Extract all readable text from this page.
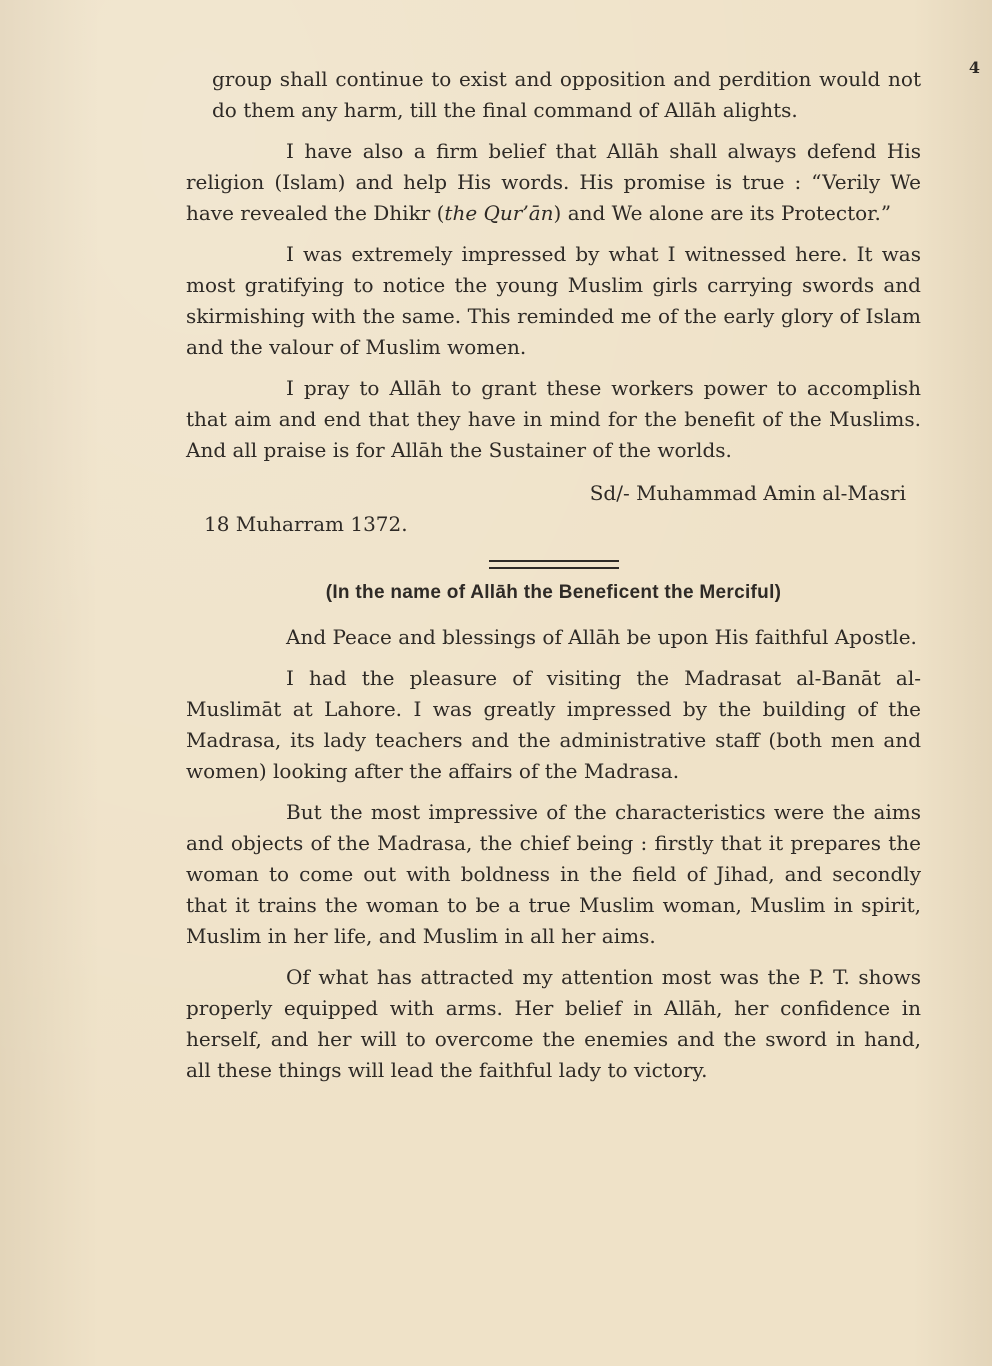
4

group shall continue to exist and opposition and perdition would not do them any harm, till the final command of Allāh alights.

I have also a firm belief that Allāh shall always defend His religion (Islam) and help His words. His promise is true : “Verily We have revealed the Dhikr (the Qur’ān) and We alone are its Protector.”

I was extremely impressed by what I witnessed here. It was most gratifying to notice the young Muslim girls carrying swords and skirmishing with the same. This reminded me of the early glory of Islam and the valour of Muslim women.

I pray to Allāh to grant these workers power to accomplish that aim and end that they have in mind for the benefit of the Muslims. And all praise is for Allāh the Sustainer of the worlds.

Sd/- Muhammad Amin al-Masri
18 Muharram 1372.
(In the name of Allāh the Beneficent the Merciful)

And Peace and blessings of Allāh be upon His faithful Apostle.

I had the pleasure of visiting the Madrasat al-Banāt al-Muslimāt at Lahore. I was greatly impressed by the building of the Madrasa, its lady teachers and the administrative staff (both men and women) looking after the affairs of the Madrasa.

But the most impressive of the characteristics were the aims and objects of the Madrasa, the chief being : firstly that it prepares the woman to come out with boldness in the field of Jihad, and secondly that it trains the woman to be a true Muslim woman, Muslim in spirit, Muslim in her life, and Muslim in all her aims.

Of what has attracted my attention most was the P. T. shows properly equipped with arms. Her belief in Allāh, her confidence in herself, and her will to overcome the enemies and the sword in hand, all these things will lead the faithful lady to victory.
